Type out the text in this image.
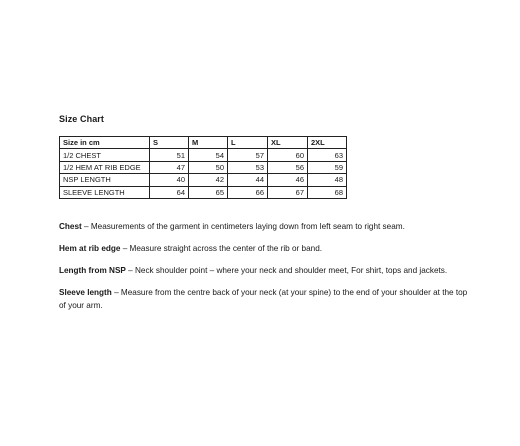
Size Chart
Size in cm	S	M	L	XL	2XL
1/2 CHEST	51	54	57	60	63
1/2 HEM AT RIB EDGE	47	50	53	56	59
NSP LENGTH	40	42	44	46	48
SLEEVE LENGTH	64	65	66	67	68

Chest – Measurements of the garment in centimeters laying down from left seam to right seam.

Hem at rib edge – Measure straight across the center of the rib or band.

Length from NSP – Neck shoulder point – where your neck and shoulder meet, For shirt, tops and jackets.

Sleeve length – Measure from the centre back of your neck (at your spine) to the end of your shoulder at the top of your arm.
